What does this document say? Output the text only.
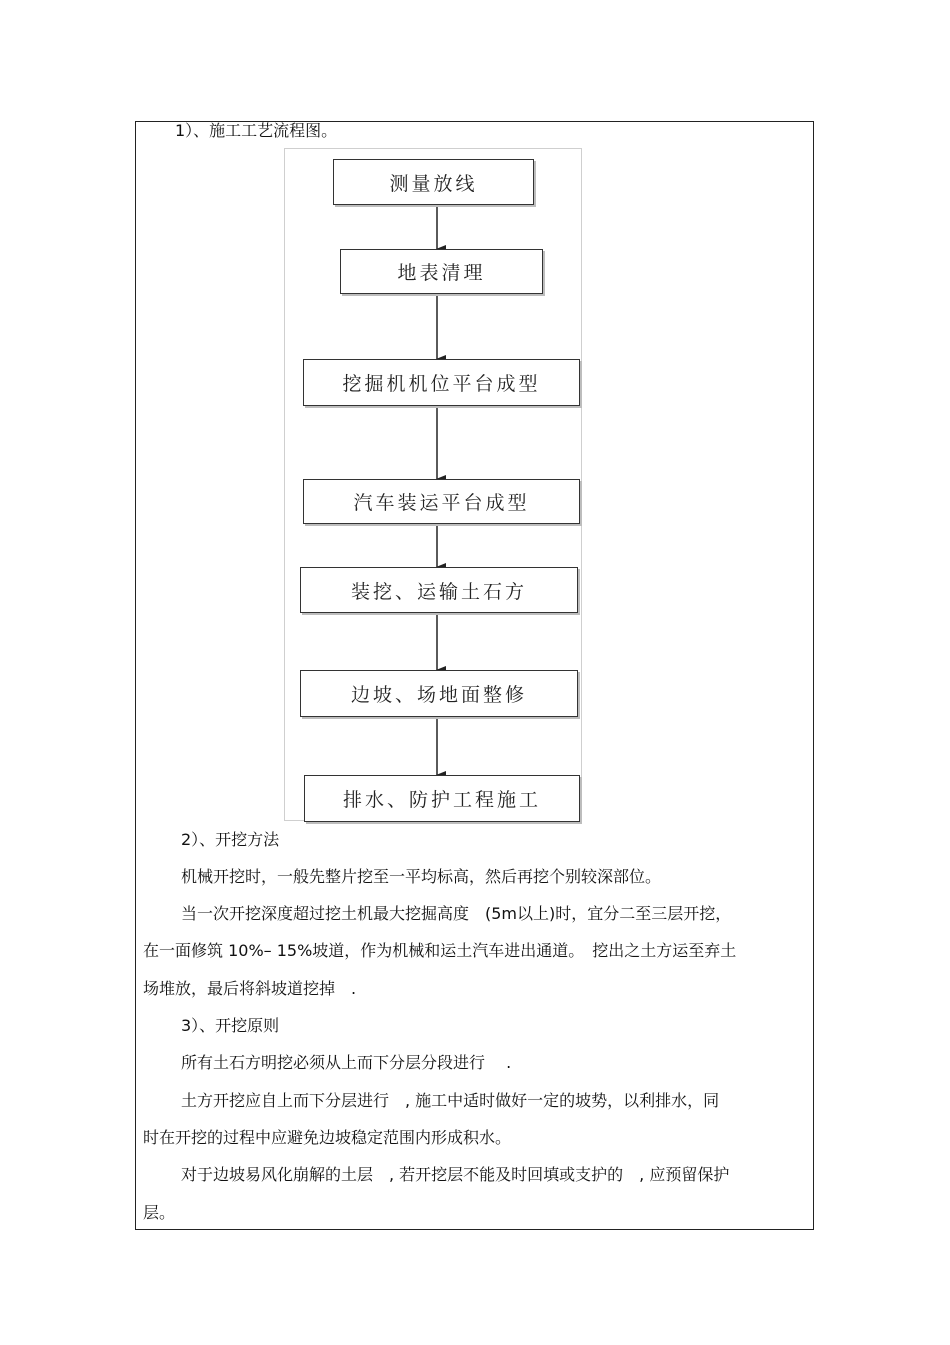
1）、施工工艺流程图。
测量放线
地表清理
挖掘机机位平台成型
汽车装运平台成型
装挖、运输土石方
边坡、场地面整修
排水、防护工程施工
2）、开挖方法
机械开挖时，一般先整片挖至一平均标高，然后再挖个别较深部位。
当一次开挖深度超过挖土机最大挖掘高度　(5m以上)时，宜分二至三层开挖，
在一面修筑 10%– 15%坡道，作为机械和运土汽车进出通道。　挖出之土方运至弃土
场堆放，最后将斜坡道挖掉　.
3）、开挖原则
所有土石方明挖必须从上而下分层分段进行　 .
土方开挖应自上而下分层进行　, 施工中适时做好一定的坡势，以利排水，同
时在开挖的过程中应避免边坡稳定范围内形成积水。
对于边坡易风化崩解的土层　, 若开挖层不能及时回填或支护的　, 应预留保护
层。
